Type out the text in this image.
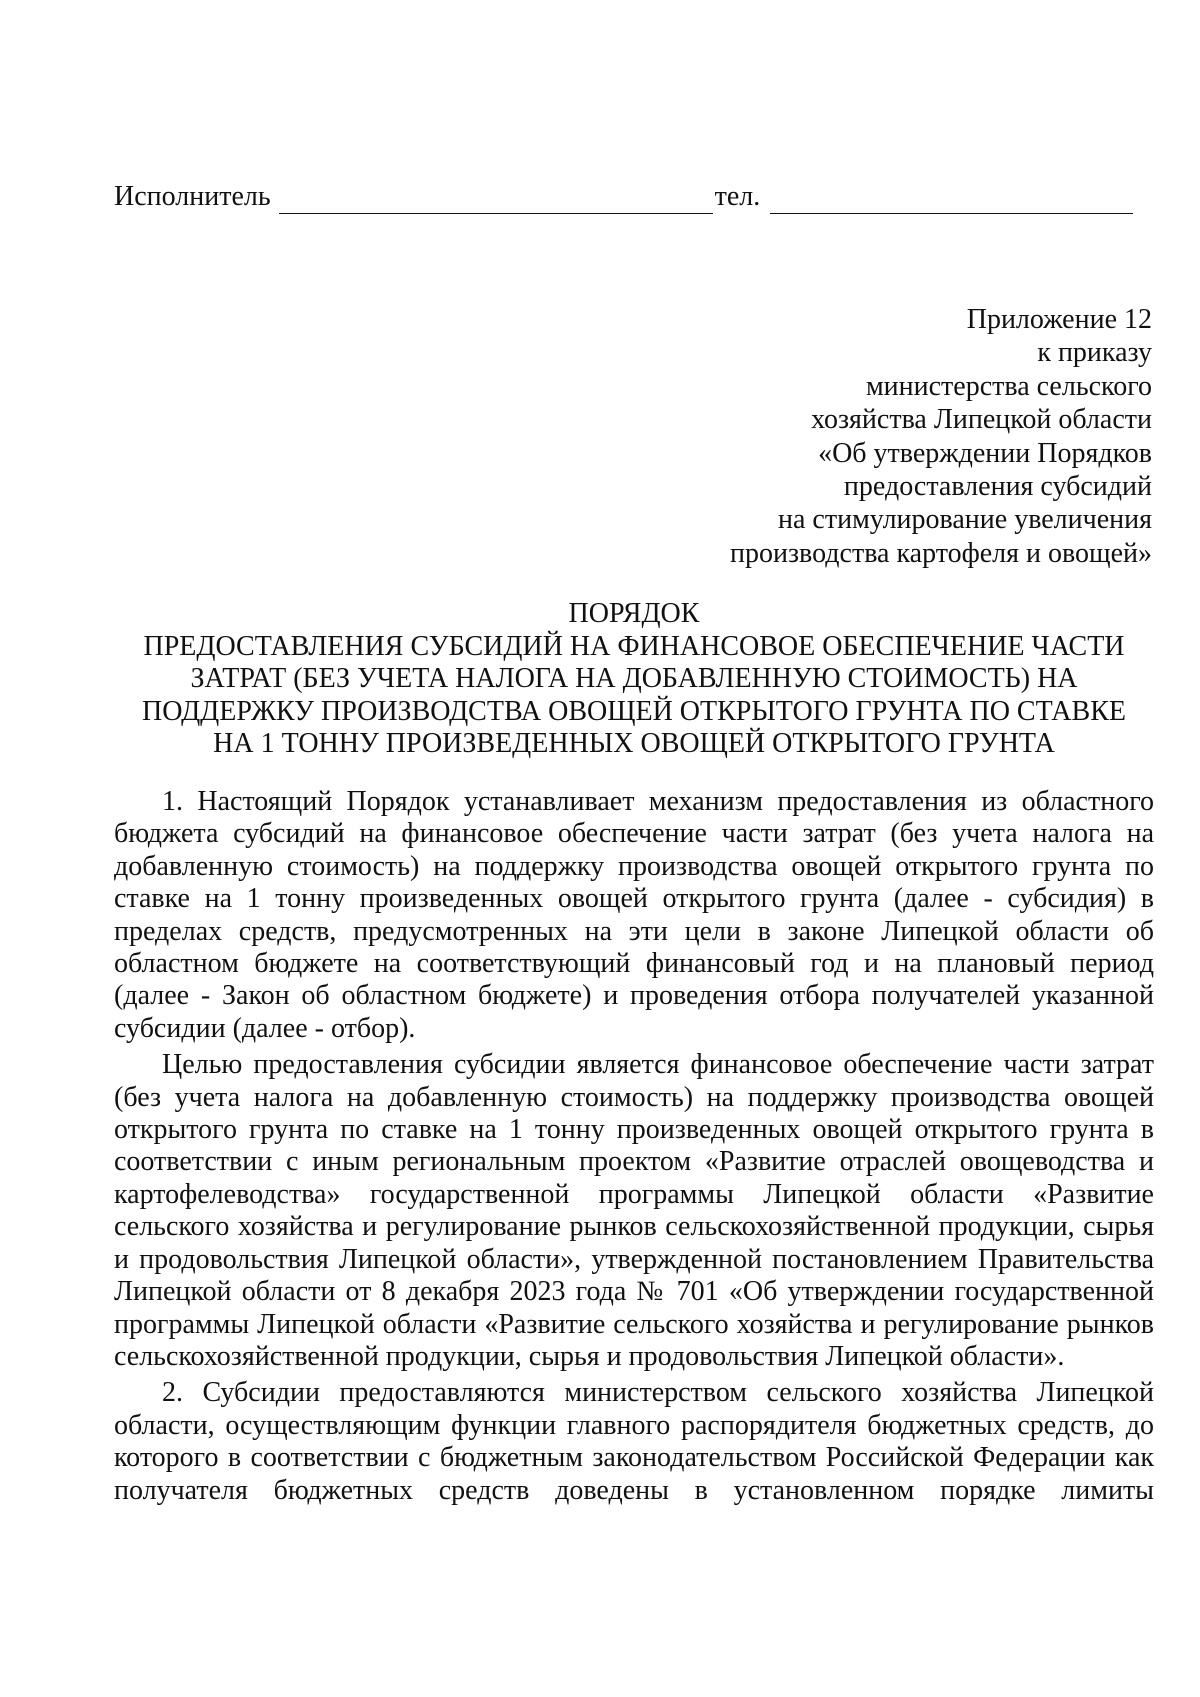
Исполнитель	тел.
Приложение 12
к приказу
министерства сельского
хозяйства Липецкой области
«Об утверждении Порядков
предоставления субсидий
на стимулирование увеличения
производства картофеля и овощей»
ПОРЯДОК
ПРЕДОСТАВЛЕНИЯ СУБСИДИЙ НА ФИНАНСОВОЕ ОБЕСПЕЧЕНИЕ ЧАСТИ
ЗАТРАТ (БЕЗ УЧЕТА НАЛОГА НА ДОБАВЛЕННУЮ СТОИМОСТЬ) НА
ПОДДЕРЖКУ ПРОИЗВОДСТВА ОВОЩЕЙ ОТКРЫТОГО ГРУНТА ПО СТАВКЕ
НА 1 ТОННУ ПРОИЗВЕДЕННЫХ ОВОЩЕЙ ОТКРЫТОГО ГРУНТА

1. Настоящий Порядок устанавливает механизм предоставления из областного бюджета субсидий на финансовое обеспечение части затрат (без учета налога на добавленную стоимость) на поддержку производства овощей открытого грунта по ставке на 1 тонну произведенных овощей открытого грунта (далее - субсидия) в пределах средств, предусмотренных на эти цели в законе Липецкой области об областном бюджете на соответствующий финансовый год и на плановый период (далее - Закон об областном бюджете) и проведения отбора получателей указанной субсидии (далее - отбор).

Целью предоставления субсидии является финансовое обеспечение части затрат (без учета налога на добавленную стоимость) на поддержку производства овощей открытого грунта по ставке на 1 тонну произведенных овощей открытого грунта в соответствии с иным региональным проектом «Развитие отраслей овощеводства и картофелеводства» государственной программы Липецкой области «Развитие сельского хозяйства и регулирование рынков сельскохозяйственной продукции, сырья и продовольствия Липецкой области», утвержденной постановлением Правительства Липецкой области от 8 декабря 2023 года № 701 «Об утверждении государственной программы Липецкой области «Развитие сельского хозяйства и регулирование рынков сельскохозяйственной продукции, сырья и продовольствия Липецкой области».

2. Субсидии предоставляются министерством сельского хозяйства Липецкой области, осуществляющим функции главного распорядителя бюджетных средств, до которого в соответствии с бюджетным законодательством Российской Федерации как получателя бюджетных средств доведены в установленном порядке лимиты
